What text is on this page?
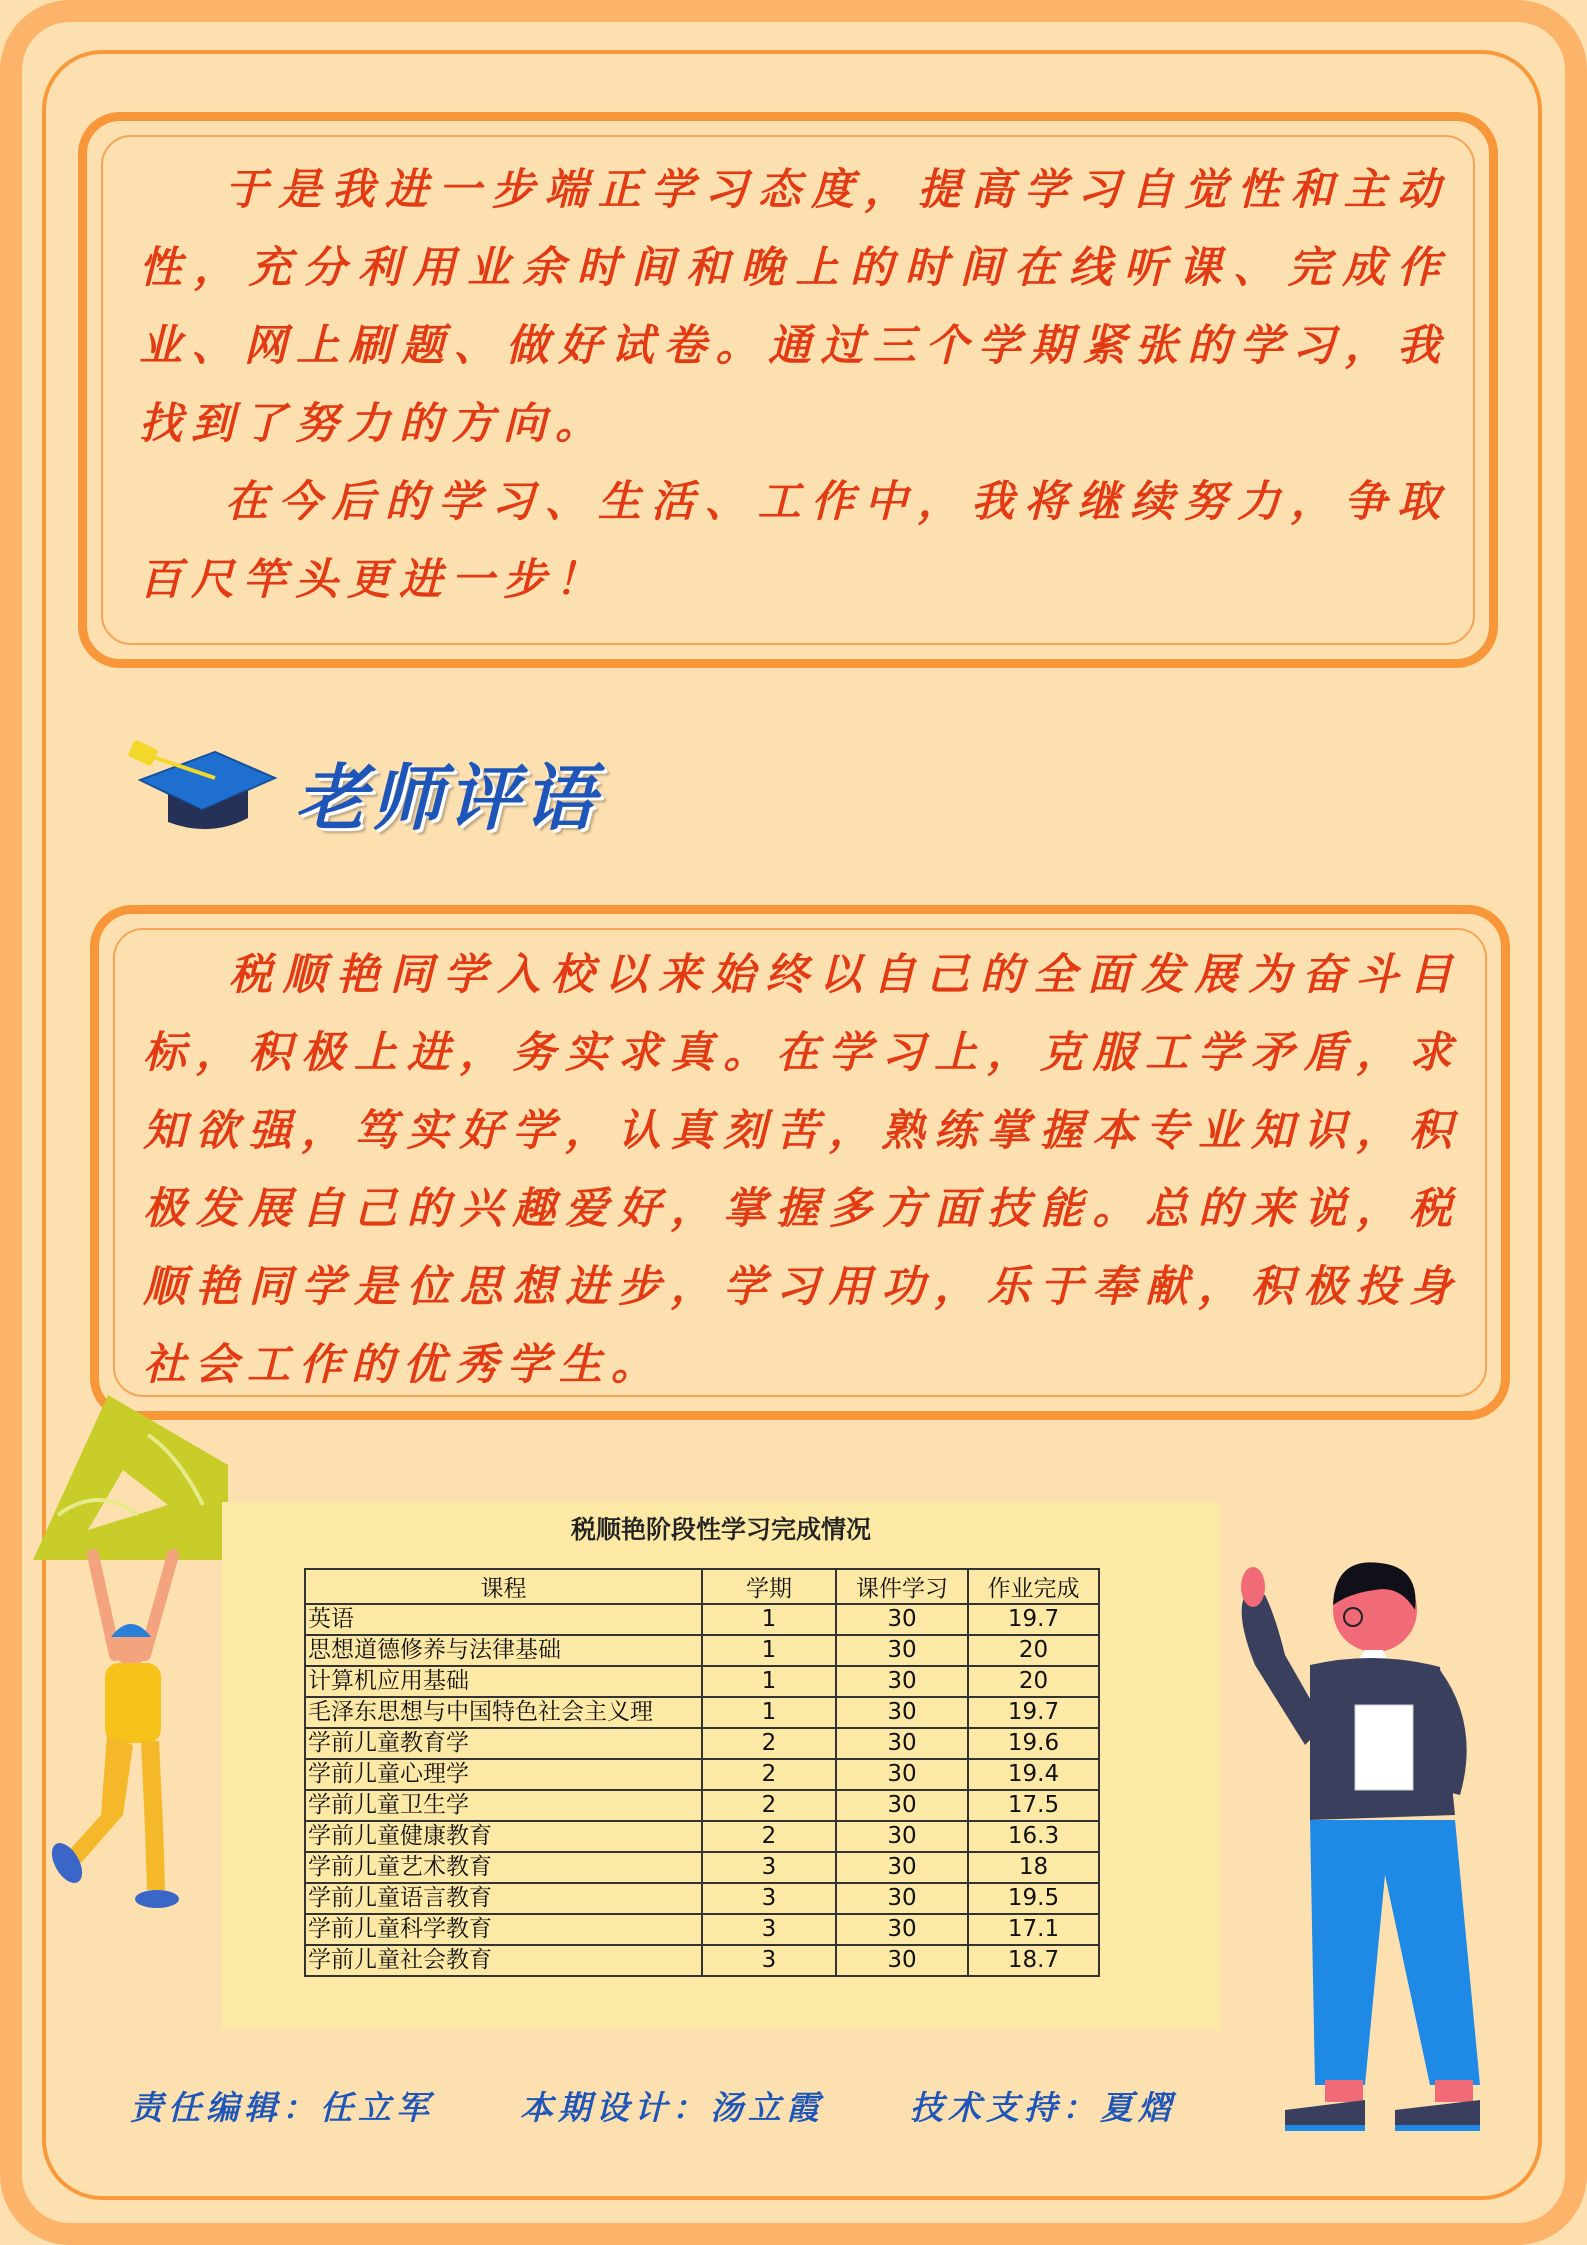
于是我进一步端正学习态度，提高学习自觉性和主动性，充分利用业余时间和晚上的时间在线听课、完成作业、网上刷题、做好试卷。通过三个学期紧张的学习，我找到了努力的方向。

在今后的学习、生活、工作中，我将继续努力，争取百尺竿头更进一步！

老师评语

税顺艳同学入校以来始终以自己的全面发展为奋斗目标，积极上进，务实求真。在学习上，克服工学矛盾，求知欲强，笃实好学，认真刻苦，熟练掌握本专业知识，积极发展自己的兴趣爱好，掌握多方面技能。总的来说，税顺艳同学是位思想进步，学习用功，乐于奉献，积极投身社会工作的优秀学生。

税顺艳阶段性学习完成情况
课程	学期	课件学习	作业完成
英语	1	30	19.7
思想道德修养与法律基础	1	30	20
计算机应用基础	1	30	20
毛泽东思想与中国特色社会主义理	1	30	19.7
学前儿童教育学	2	30	19.6
学前儿童心理学	2	30	19.4
学前儿童卫生学	2	30	17.5
学前儿童健康教育	2	30	16.3
学前儿童艺术教育	3	30	18
学前儿童语言教育	3	30	19.5
学前儿童科学教育	3	30	17.1
学前儿童社会教育	3	30	18.7
责任编辑：任立军	本期设计：汤立霞	技术支持：夏熠
